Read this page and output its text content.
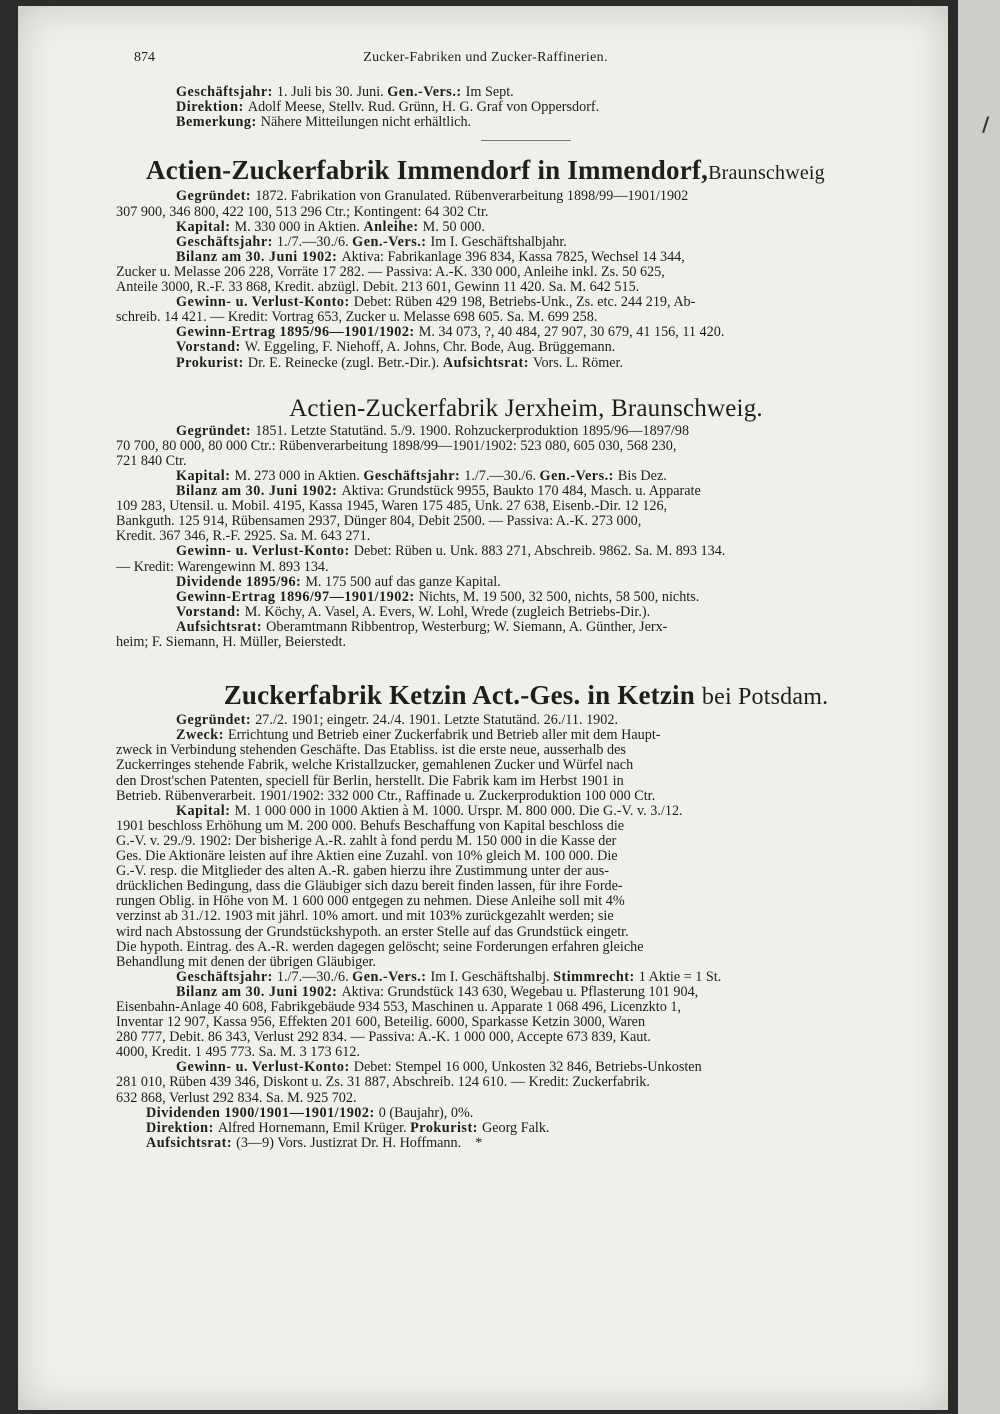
874	Zucker-Fabriken und Zucker-Raffinerien.
Geschäftsjahr: 1. Juli bis 30. Juni. Gen.-Vers.: Im Sept.
Direktion: Adolf Meese, Stellv. Rud. Grünn, H. G. Graf von Oppersdorf.
Bemerkung: Nähere Mitteilungen nicht erhältlich.
Actien-Zuckerfabrik Immendorf in Immendorf,Braunschweig
Gegründet: 1872. Fabrikation von Granulated. Rübenverarbeitung 1898/99—1901/1902
307 900, 346 800, 422 100, 513 296 Ctr.; Kontingent: 64 302 Ctr.
Kapital: M. 330 000 in Aktien. Anleihe: M. 50 000.
Geschäftsjahr: 1./7.—30./6. Gen.-Vers.: Im I. Geschäftshalbjahr.
Bilanz am 30. Juni 1902: Aktiva: Fabrikanlage 396 834, Kassa 7825, Wechsel 14 344,
Zucker u. Melasse 206 228, Vorräte 17 282. — Passiva: A.-K. 330 000, Anleihe inkl. Zs. 50 625,
Anteile 3000, R.-F. 33 868, Kredit. abzügl. Debit. 213 601, Gewinn 11 420. Sa. M. 642 515.
Gewinn- u. Verlust-Konto: Debet: Rüben 429 198, Betriebs-Unk., Zs. etc. 244 219, Ab-
schreib. 14 421. — Kredit: Vortrag 653, Zucker u. Melasse 698 605. Sa. M. 699 258.
Gewinn-Ertrag 1895/96—1901/1902: M. 34 073, ?, 40 484, 27 907, 30 679, 41 156, 11 420.
Vorstand: W. Eggeling, F. Niehoff, A. Johns, Chr. Bode, Aug. Brüggemann.
Prokurist: Dr. E. Reinecke (zugl. Betr.-Dir.). Aufsichtsrat: Vors. L. Römer.
Actien-Zuckerfabrik Jerxheim, Braunschweig.
Gegründet: 1851. Letzte Statutänd. 5./9. 1900. Rohzuckerproduktion 1895/96—1897/98
70 700, 80 000, 80 000 Ctr.: Rübenverarbeitung 1898/99—1901/1902: 523 080, 605 030, 568 230,
721 840 Ctr.
Kapital: M. 273 000 in Aktien. Geschäftsjahr: 1./7.—30./6. Gen.-Vers.: Bis Dez.
Bilanz am 30. Juni 1902: Aktiva: Grundstück 9955, Baukto 170 484, Masch. u. Apparate
109 283, Utensil. u. Mobil. 4195, Kassa 1945, Waren 175 485, Unk. 27 638, Eisenb.-Dir. 12 126,
Bankguth. 125 914, Rübensamen 2937, Dünger 804, Debit 2500. — Passiva: A.-K. 273 000,
Kredit. 367 346, R.-F. 2925. Sa. M. 643 271.
Gewinn- u. Verlust-Konto: Debet: Rüben u. Unk. 883 271, Abschreib. 9862. Sa. M. 893 134.
— Kredit: Warengewinn M. 893 134.
Dividende 1895/96: M. 175 500 auf das ganze Kapital.
Gewinn-Ertrag 1896/97—1901/1902: Nichts, M. 19 500, 32 500, nichts, 58 500, nichts.
Vorstand: M. Köchy, A. Vasel, A. Evers, W. Lohl, Wrede (zugleich Betriebs-Dir.).
Aufsichtsrat: Oberamtmann Ribbentrop, Westerburg; W. Siemann, A. Günther, Jerx-
heim; F. Siemann, H. Müller, Beierstedt.
Zuckerfabrik Ketzin Act.-Ges. in Ketzin bei Potsdam.
Gegründet: 27./2. 1901; eingetr. 24./4. 1901. Letzte Statutänd. 26./11. 1902.
Zweck: Errichtung und Betrieb einer Zuckerfabrik und Betrieb aller mit dem Haupt-
zweck in Verbindung stehenden Geschäfte. Das Etabliss. ist die erste neue, ausserhalb des
Zuckerringes stehende Fabrik, welche Kristallzucker, gemahlenen Zucker und Würfel nach
den Drost'schen Patenten, speciell für Berlin, herstellt. Die Fabrik kam im Herbst 1901 in
Betrieb. Rübenverarbeit. 1901/1902: 332 000 Ctr., Raffinade u. Zuckerproduktion 100 000 Ctr.
Kapital: M. 1 000 000 in 1000 Aktien à M. 1000. Urspr. M. 800 000. Die G.-V. v. 3./12.
1901 beschloss Erhöhung um M. 200 000. Behufs Beschaffung von Kapital beschloss die
G.-V. v. 29./9. 1902: Der bisherige A.-R. zahlt à fond perdu M. 150 000 in die Kasse der
Ges. Die Aktionäre leisten auf ihre Aktien eine Zuzahl. von 10% gleich M. 100 000. Die
G.-V. resp. die Mitglieder des alten A.-R. gaben hierzu ihre Zustimmung unter der aus-
drücklichen Bedingung, dass die Gläubiger sich dazu bereit finden lassen, für ihre Forde-
rungen Oblig. in Höhe von M. 1 600 000 entgegen zu nehmen. Diese Anleihe soll mit 4%
verzinst ab 31./12. 1903 mit jährl. 10% amort. und mit 103% zurückgezahlt werden; sie
wird nach Abstossung der Grundstückshypoth. an erster Stelle auf das Grundstück eingetr.
Die hypoth. Eintrag. des A.-R. werden dagegen gelöscht; seine Forderungen erfahren gleiche
Behandlung mit denen der übrigen Gläubiger.
Geschäftsjahr: 1./7.—30./6. Gen.-Vers.: Im I. Geschäftshalbj. Stimmrecht: 1 Aktie = 1 St.
Bilanz am 30. Juni 1902: Aktiva: Grundstück 143 630, Wegebau u. Pflasterung 101 904,
Eisenbahn-Anlage 40 608, Fabrikgebäude 934 553, Maschinen u. Apparate 1 068 496, Licenzkto 1,
Inventar 12 907, Kassa 956, Effekten 201 600, Beteilig. 6000, Sparkasse Ketzin 3000, Waren
280 777, Debit. 86 343, Verlust 292 834. — Passiva: A.-K. 1 000 000, Accepte 673 839, Kaut.
4000, Kredit. 1 495 773. Sa. M. 3 173 612.
Gewinn- u. Verlust-Konto: Debet: Stempel 16 000, Unkosten 32 846, Betriebs-Unkosten
281 010, Rüben 439 346, Diskont u. Zs. 31 887, Abschreib. 124 610. — Kredit: Zuckerfabrik.
632 868, Verlust 292 834. Sa. M. 925 702.
Dividenden 1900/1901—1901/1902: 0 (Baujahr), 0%.
Direktion: Alfred Hornemann, Emil Krüger. Prokurist: Georg Falk.
Aufsichtsrat: (3—9) Vors. Justizrat Dr. H. Hoffmann. *
/
